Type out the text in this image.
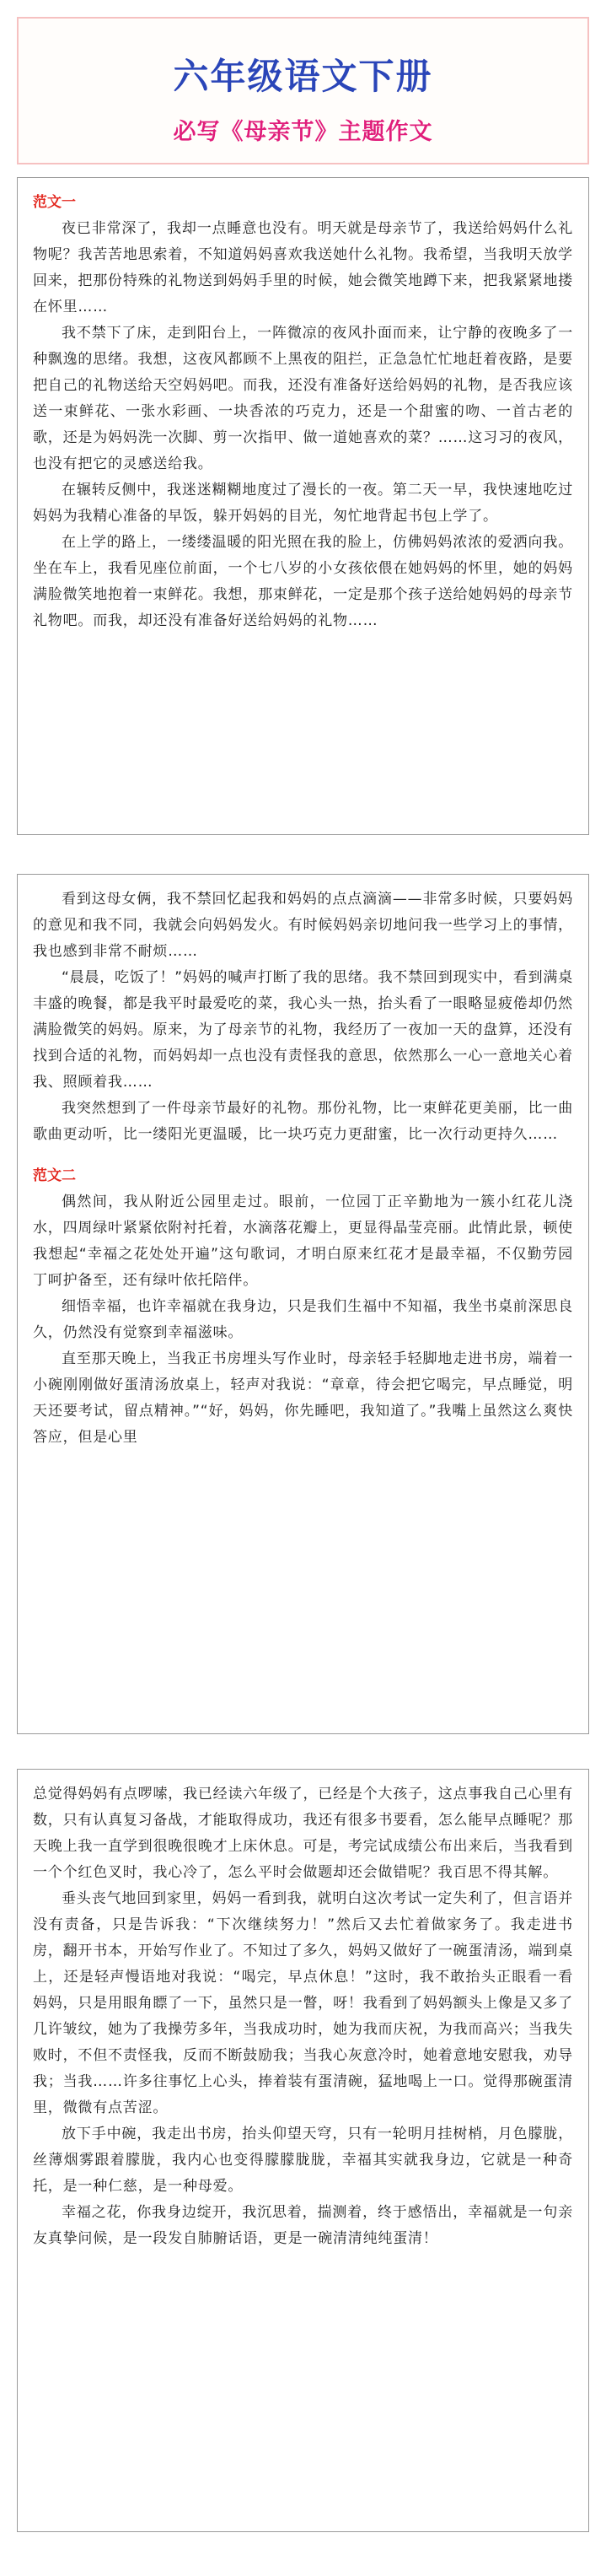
六年级语文下册
必写《母亲节》主题作文
范文一

夜已非常深了，我却一点睡意也没有。明天就是母亲节了，我送给妈妈什么礼物呢？我苦苦地思索着，不知道妈妈喜欢我送她什么礼物。我希望，当我明天放学回来，把那份特殊的礼物送到妈妈手里的时候，她会微笑地蹲下来，把我紧紧地搂在怀里……

我不禁下了床，走到阳台上，一阵微凉的夜风扑面而来，让宁静的夜晚多了一种飘逸的思绪。我想，这夜风都顾不上黑夜的阻拦，正急急忙忙地赶着夜路，是要把自己的礼物送给天空妈妈吧。而我，还没有准备好送给妈妈的礼物，是否我应该送一束鲜花、一张水彩画、一块香浓的巧克力，还是一个甜蜜的吻、一首古老的歌，还是为妈妈洗一次脚、剪一次指甲、做一道她喜欢的菜？……这习习的夜风，也没有把它的灵感送给我。

在辗转反侧中，我迷迷糊糊地度过了漫长的一夜。第二天一早，我快速地吃过妈妈为我精心准备的早饭，躲开妈妈的目光，匆忙地背起书包上学了。

在上学的路上，一缕缕温暖的阳光照在我的脸上，仿佛妈妈浓浓的爱洒向我。坐在车上，我看见座位前面，一个七八岁的小女孩依偎在她妈妈的怀里，她的妈妈满脸微笑地抱着一束鲜花。我想，那束鲜花，一定是那个孩子送给她妈妈的母亲节礼物吧。而我，却还没有准备好送给妈妈的礼物……

看到这母女俩，我不禁回忆起我和妈妈的点点滴滴——非常多时候，只要妈妈的意见和我不同，我就会向妈妈发火。有时候妈妈亲切地问我一些学习上的事情，我也感到非常不耐烦……

“晨晨，吃饭了！”妈妈的喊声打断了我的思绪。我不禁回到现实中，看到满桌丰盛的晚餐，都是我平时最爱吃的菜，我心头一热，抬头看了一眼略显疲倦却仍然满脸微笑的妈妈。原来，为了母亲节的礼物，我经历了一夜加一天的盘算，还没有找到合适的礼物，而妈妈却一点也没有责怪我的意思，依然那么一心一意地关心着我、照顾着我……

我突然想到了一件母亲节最好的礼物。那份礼物，比一束鲜花更美丽，比一曲歌曲更动听，比一缕阳光更温暖，比一块巧克力更甜蜜，比一次行动更持久……

范文二

偶然间，我从附近公园里走过。眼前，一位园丁正辛勤地为一簇小红花儿浇水，四周绿叶紧紧依附衬托着，水滴落花瓣上，更显得晶莹亮丽。此情此景，顿使我想起“幸福之花处处开遍”这句歌词，才明白原来红花才是最幸福，不仅勤劳园丁呵护备至，还有绿叶依托陪伴。

细悟幸福，也许幸福就在我身边，只是我们生福中不知福，我坐书桌前深思良久，仍然没有觉察到幸福滋味。

直至那天晚上，当我正书房埋头写作业时，母亲轻手轻脚地走进书房，端着一小碗刚刚做好蛋清汤放桌上，轻声对我说：“章章，待会把它喝完，早点睡觉，明天还要考试，留点精神。”“好，妈妈，你先睡吧，我知道了。”我嘴上虽然这么爽快答应，但是心里

总觉得妈妈有点啰嗦，我已经读六年级了，已经是个大孩子，这点事我自己心里有数，只有认真复习备战，才能取得成功，我还有很多书要看，怎么能早点睡呢？那天晚上我一直学到很晚很晚才上床休息。可是，考完试成绩公布出来后，当我看到一个个红色叉时，我心冷了，怎么平时会做题却还会做错呢？我百思不得其解。

垂头丧气地回到家里，妈妈一看到我，就明白这次考试一定失利了，但言语并没有责备，只是告诉我：“下次继续努力！”然后又去忙着做家务了。我走进书房，翻开书本，开始写作业了。不知过了多久，妈妈又做好了一碗蛋清汤，端到桌上，还是轻声慢语地对我说：“喝完，早点休息！”这时，我不敢抬头正眼看一看妈妈，只是用眼角瞟了一下，虽然只是一瞥，呀！我看到了妈妈额头上像是又多了几许皱纹，她为了我操劳多年，当我成功时，她为我而庆祝，为我而高兴；当我失败时，不但不责怪我，反而不断鼓励我；当我心灰意冷时，她着意地安慰我，劝导我；当我……许多往事忆上心头，捧着装有蛋清碗，猛地喝上一口。觉得那碗蛋清里，微微有点苦涩。

放下手中碗，我走出书房，抬头仰望天穹，只有一轮明月挂树梢，月色朦胧，丝薄烟雾跟着朦胧，我内心也变得朦朦胧胧，幸福其实就我身边，它就是一种奇托，是一种仁慈，是一种母爱。

幸福之花，你我身边绽开，我沉思着，揣测着，终于感悟出，幸福就是一句亲友真挚问候，是一段发自肺腑话语，更是一碗清清纯纯蛋清！
